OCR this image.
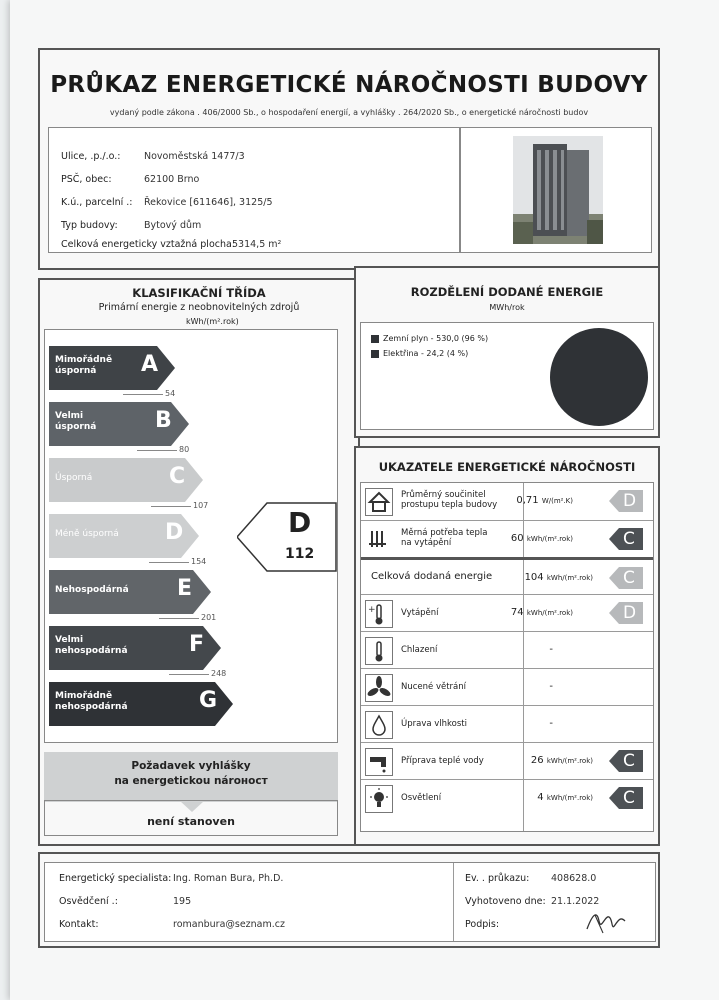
PRŮKAZ ENERGETICKÉ NÁROČNOSTI BUDOVY
vydaný podle zákona . 406/2000 Sb., o hospodaření energií, a vyhlášky . 264/2020 Sb., o energetické náročnosti budov
Ulice, .p./.o.: Novoměstská 1477/3
PSČ, obec:	62100 Brno
K.ú., parcelní .: Řekovice [611646], 3125/5
Typ budovy:	Bytový dům
Celková energeticky vztažná plocha:
5314,5 m²
KLASIFIKAČNÍ TŘÍDA
Primární energie z neobnovitelných zdrojů
kWh/(m².rok)
Mimořádně
úsporná	A
Velmi
úsporná	B
Úsporná	C
Méně úsporná D
Nehospodárná E
Velmi
nehospodárná	F
Mimořádně
nehospodárná	G
54
80
107
154
201
248
D
112
Požadavek vyhlášky
na energetickou nároност
není stanoven
ROZDĚLENÍ DODANÉ ENERGIE
MWh/rok
Zemní plyn - 530,0 (96 %)
Elektřina - 24,2 (4 %)
UKAZATELE ENERGETICKÉ NÁROČNOSTI
Průměrný součinitel
prostupu tepla budovy 0,71 W/(m².K)	D
Měrná potřeba tepla
na vytápění	60 kWh/(m².rok)	C
Celková dodaná energie	104 kWh/(m².rok) C
+	Vytápění	74 kWh/(m².rok)	D
Chlazení	-
Nucené větrání	-
Úprava vlhkosti	-
Příprava teplé vody	26 kWh/(m².rok) C
Osvětlení	4 kWh/(m².rok) C
Energetický specialista: Ing. Roman Bura, Ph.D.
Osvědčení .:	195
Kontakt:	romanbura@seznam.cz
Ev. . průkazu: 408628.0
Vyhotoveno dne: 21.1.2022
Podpis:
